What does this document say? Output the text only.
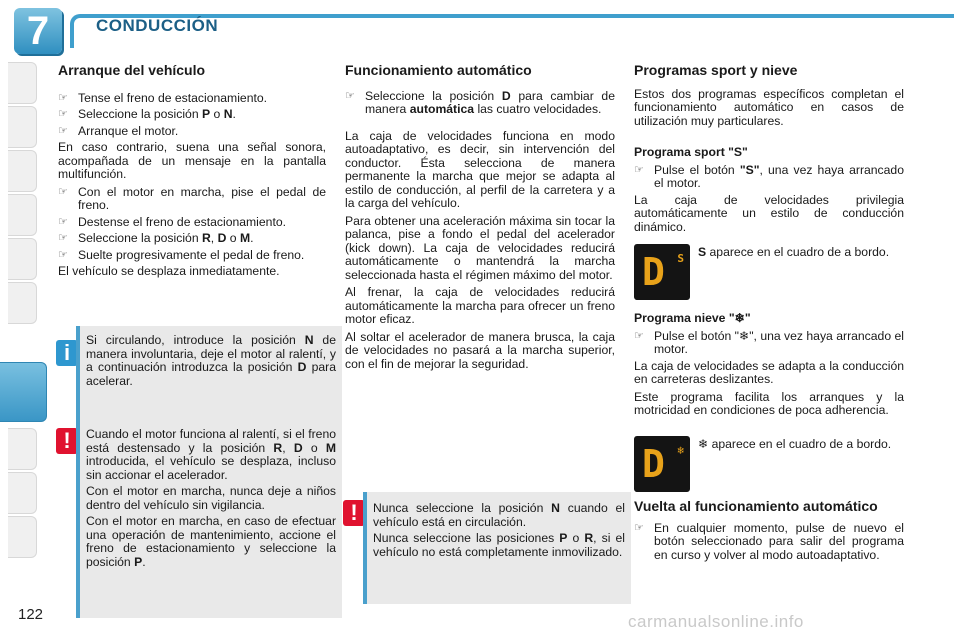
7	CONDUCCIÓN
Arranque del vehículo
☞ Tense el freno de estacionamiento.
☞ Seleccione la posición P o N.
☞ Arranque el motor.

En caso contrario, suena una señal sonora, acompañada de un mensaje en la pantalla multifunción.

☞ Con el motor en marcha, pise el pedal de freno.
☞ Destense el freno de estacionamiento.
☞ Seleccione la posición R, D o M.
☞ Suelte progresivamente el pedal de freno.

El vehículo se desplaza inmediatamente.

i	Si circulando, introduce la posición N de manera involuntaria, deje el motor al ralentí, y a continuación introduzca la posición D para acelerar.

!	Cuando el motor funciona al ralentí, si el freno está destensado y la posición R, D o M introducida, el vehículo se desplaza, incluso sin accionar el acelerador.

Con el motor en marcha, nunca deje a niños dentro del vehículo sin vigilancia.

Con el motor en marcha, en caso de efectuar una operación de mantenimiento, accione el freno de estacionamiento y seleccione la posición P.

Funcionamiento automático
☞ Seleccione la posición D para cambiar de manera automática las cuatro velocidades.

La caja de velocidades funciona en modo autoadaptativo, es decir, sin intervención del conductor. Ésta selecciona de manera permanente la marcha que mejor se adapta al estilo de conducción, al perfil de la carretera y a la carga del vehículo.

Para obtener una aceleración máxima sin tocar la palanca, pise a fondo el pedal del acelerador (kick down). La caja de velocidades reducirá automáticamente o mantendrá la marcha seleccionada hasta el régimen máximo del motor.

Al frenar, la caja de velocidades reducirá automáticamente la marcha para ofrecer un freno motor eficaz.

Al soltar el acelerador de manera brusca, la caja de velocidades no pasará a la marcha superior, con el fin de mejorar la seguridad.

!	Nunca seleccione la posición N cuando el vehículo está en circulación.

Nunca seleccione las posiciones P o R, si el vehículo no está completamente inmovilizado.

Programas sport y nieve

Estos dos programas específicos completan el funcionamiento automático en casos de utilización muy particulares.

Programa sport "S"
☞ Pulse el botón "S", una vez haya arrancado el motor.

La caja de velocidades privilegia automáticamente un estilo de conducción dinámico.

D S S aparece en el cuadro de a bordo.
Programa nieve "❄"
☞ Pulse el botón "❄", una vez haya arrancado el motor.

La caja de velocidades se adapta a la conducción en carreteras deslizantes.

Este programa facilita los arranques y la motricidad en condiciones de poca adherencia.

D ❄ ❄ aparece en el cuadro de a bordo.
Vuelta al funcionamiento automático
☞ En cualquier momento, pulse de nuevo el botón seleccionado para salir del programa en curso y volver al modo autoadaptativo.
122	carmanualsonline.info
